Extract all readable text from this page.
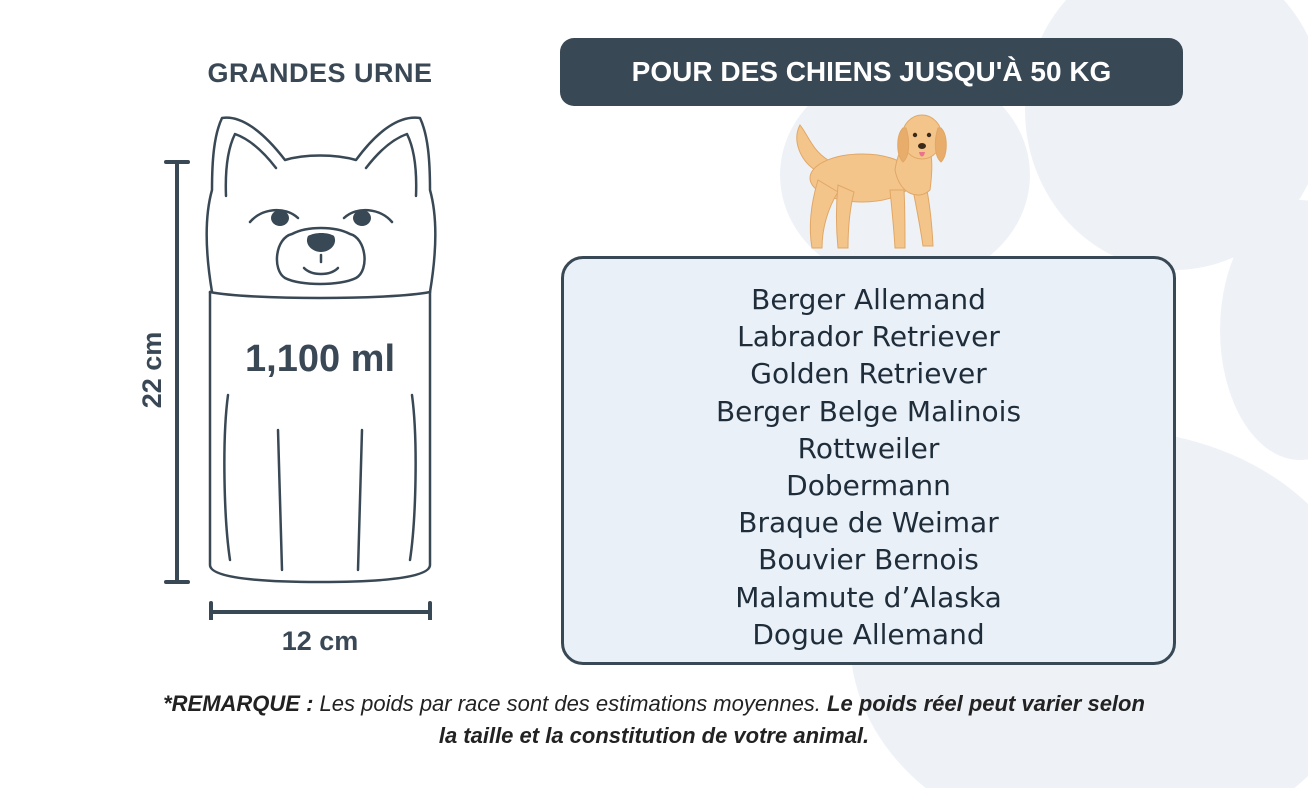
GRANDES URNE
1,100 ml
22 cm
12 cm
POUR DES CHIENS JUSQU'À 50 KG
Berger Allemand
Labrador Retriever
Golden Retriever
Berger Belge Malinois
Rottweiler
Dobermann
Braque de Weimar
Bouvier Bernois
Malamute d’Alaska
Dogue Allemand
*REMARQUE : Les poids par race sont des estimations moyennes. Le poids réel peut varier selon la taille et la constitution de votre animal.
